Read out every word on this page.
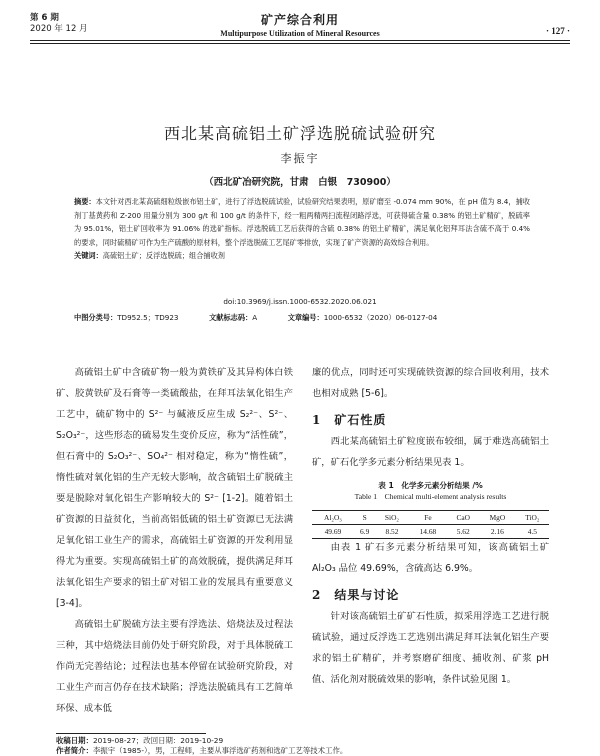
第 6 期
2020 年 12 月
矿产综合利用
Multipurpose Utilization of Mineral Resources	· 127 ·
西北某高硫铝土矿浮选脱硫试验研究
李振宇
（西北矿冶研究院，甘肃　白银　730900）
摘要：本文针对西北某高硫细粒级嵌布铝土矿，进行了浮选脱硫试验，试验研究结果表明，原矿磨至 -0.074 mm 90%，在 pH 值为 8.4，捕收剂丁基黄药和 Z-200 用量分别为 300 g/t 和 100 g/t 的条件下，经一粗两精两扫流程闭路浮选，可获得硫含量 0.38% 的铝土矿精矿，脱硫率为 95.01%，铝土矿回收率为 91.06% 的选矿指标。浮选脱硫工艺后获得的含硫 0.38% 的铝土矿精矿，满足氧化铝拜耳法含硫不高于 0.4% 的要求，同时硫精矿可作为生产硫酸的原材料，整个浮选脱硫工艺尾矿零排放，实现了矿产资源的高效综合利用。
关键词：高硫铝土矿；反浮选脱硫；组合捕收剂
doi:10.3969/j.issn.1000-6532.2020.06.021
中图分类号：TD952.5；TD923	文献标志码：A	文章编号：1000-6532（2020）06-0127-04

高硫铝土矿中含硫矿物一般为黄铁矿及其异构体白铁矿、胶黄铁矿及石膏等一类硫酸盐，在拜耳法氧化铝生产工艺中，硫矿物中的 S²⁻ 与碱液反应生成 S₂²⁻、S²⁻、S₂O₃²⁻，这些形态的硫易发生变价反应，称为“活性硫”，但石膏中的 S₂O₃²⁻、SO₄²⁻ 相对稳定，称为“惰性硫”，惰性硫对氧化铝的生产无较大影响，故含硫铝土矿脱硫主要是脱除对氧化铝生产影响较大的 S²⁻ [1-2]。随着铝土矿资源的日益贫化，当前高铝低硫的铝土矿资源已无法满足氧化铝工业生产的需求，高硫铝土矿资源的开发利用显得尤为重要。实现高硫铝土矿的高效脱硫，提供满足拜耳法氧化铝生产要求的铝土矿对铝工业的发展具有重要意义 [3-4]。

高硫铝土矿脱硫方法主要有浮选法、焙烧法及过程法三种，其中焙烧法目前仍处于研究阶段，对于具体脱硫工作尚无完善结论；过程法也基本停留在试验研究阶段，对工业生产而言仍存在技术缺陷；浮选法脱硫具有工艺简单环保、成本低

廉的优点，同时还可实现硫铁资源的综合回收利用，技术也相对成熟 [5-6]。

1　矿石性质

西北某高硫铝土矿粒度嵌布较细，属于难选高硫铝土矿，矿石化学多元素分析结果见表 1。

表 1　化学多元素分析结果 /%
Table 1　Chemical multi-element analysis results
Al₂O₃	S	SiO₂	Fe	CaO	MgO	TiO₂
49.69	6.9	8.52	14.68	5.62	2.16	4.5

由表 1 矿石多元素分析结果可知，该高硫铝土矿 Al₂O₃ 品位 49.69%，含硫高达 6.9%。

2　结果与讨论

针对该高硫铝土矿矿石性质，拟采用浮选工艺进行脱硫试验，通过反浮选工艺选别出满足拜耳法氧化铝生产要求的铝土矿精矿，并考察磨矿细度、捕收剂、矿浆 pH 值、活化剂对脱硫效果的影响，条件试验见图 1。

收稿日期：2019-08-27；改回日期：2019-10-29
作者简介：李振宇（1985-），男，工程师，主要从事浮选矿药剂和选矿工艺等技术工作。
